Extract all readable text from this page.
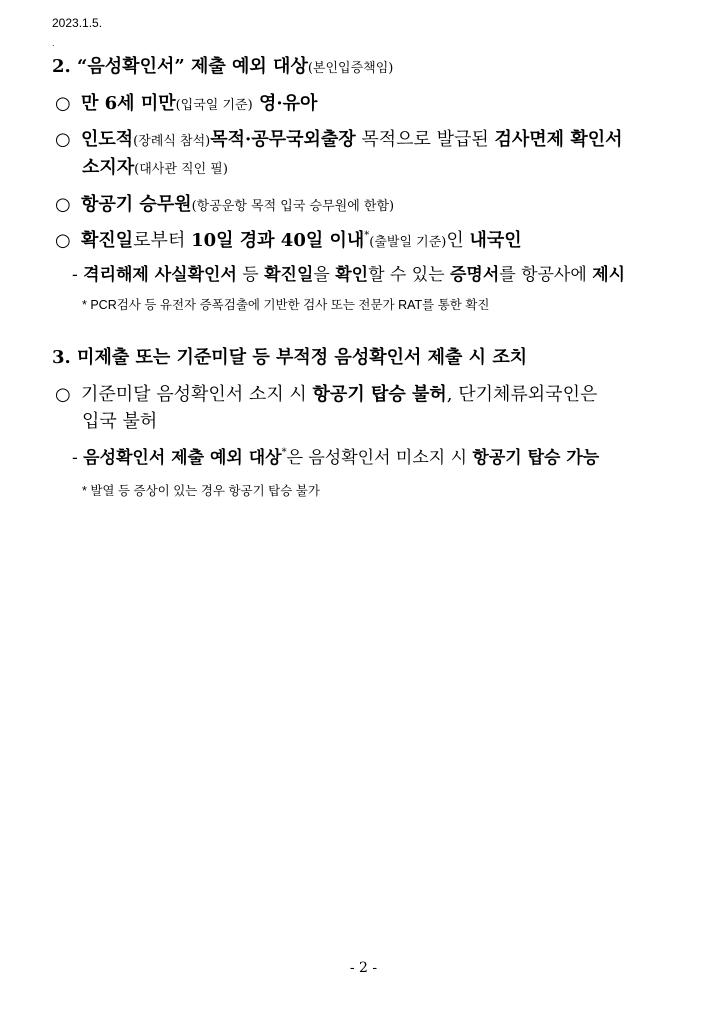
2023.1.5.
.
2. “음성확인서” 제출 예외 대상(본인입증책임)
○ 만 6세 미만(입국일 기준) 영·유아
○ 인도적(장례식 참석)목적·공무국외출장 목적으로 발급된 검사면제 확인서
소지자(대사관 직인 필)
○ 항공기 승무원(항공운항 목적 입국 승무원에 한함)
○ 확진일로부터 10일 경과 40일 이내*(출발일 기준)인 내국인
- 격리해제 사실확인서 등 확진일을 확인할 수 있는 증명서를 항공사에 제시
* PCR검사 등 유전자 증폭검출에 기반한 검사 또는 전문가 RAT를 통한 확진
3. 미제출 또는 기준미달 등 부적정 음성확인서 제출 시 조치
○ 기준미달 음성확인서 소지 시 항공기 탑승 불허, 단기체류외국인은
입국 불허
- 음성확인서 제출 예외 대상*은 음성확인서 미소지 시 항공기 탑승 가능
* 발열 등 증상이 있는 경우 항공기 탑승 불가
- 2 -
